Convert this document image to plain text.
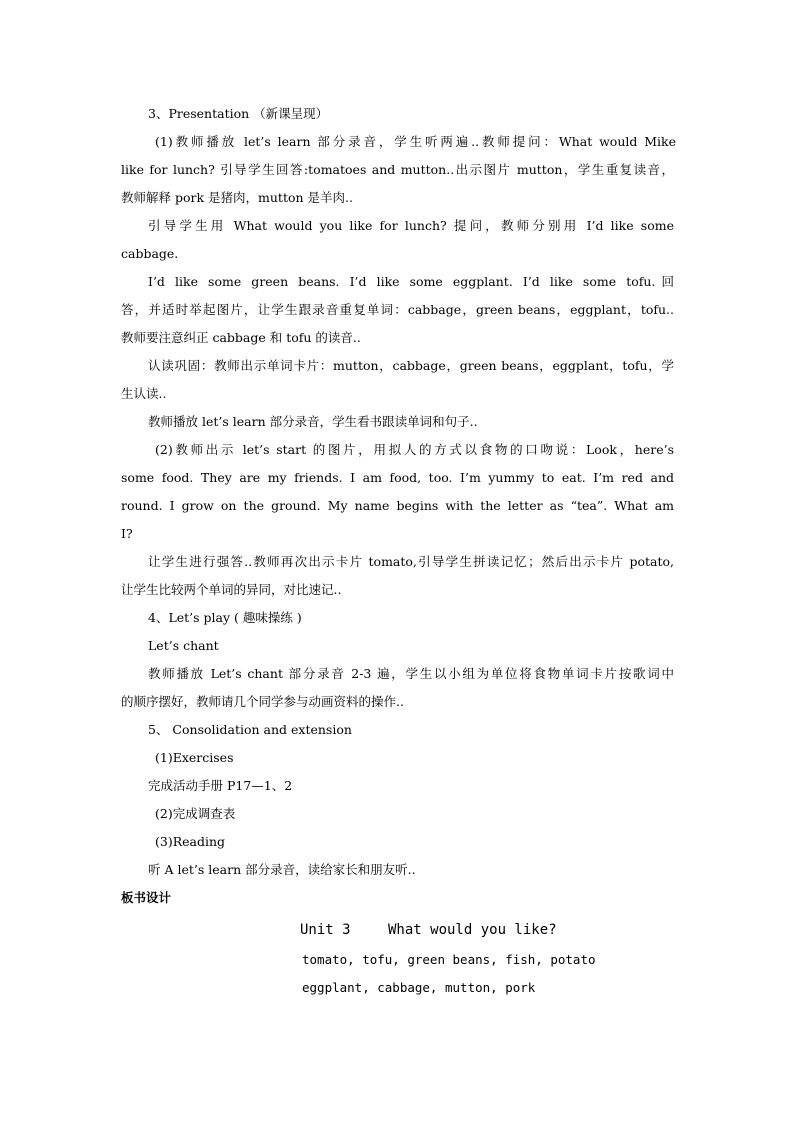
3、Presentation （新课呈现）
(1)教师播放 let’s learn 部分录音，学生听两遍..教师提问：What would Mike
like for lunch? 引导学生回答:tomatoes and mutton..出示图片 mutton，学生重复读音，
教师解释 pork 是猪肉，mutton 是羊肉..
引导学生用 What would you like for lunch? 提问，教师分别用 I’d like some
cabbage.
I’d like some green beans. I’d like some eggplant. I’d like some tofu.回
答，并适时举起图片，让学生跟录音重复单词：cabbage，green beans，eggplant，tofu..
教师要注意纠正 cabbage 和 tofu 的读音..
认读巩固：教师出示单词卡片：mutton，cabbage，green beans，eggplant，tofu，学
生认读..
教师播放 let’s learn 部分录音，学生看书跟读单词和句子..
(2)教师出示 let’s start 的图片，用拟人的方式以食物的口吻说：Look，here’s
some food. They are my friends. I am food, too. I’m yummy to eat. I’m red and
round. I grow on the ground. My name begins with the letter as “tea”. What am
I?
让学生进行强答..教师再次出示卡片 tomato,引导学生拼读记忆；然后出示卡片 potato,
让学生比较两个单词的异同，对比速记..
4、Let’s play ( 趣味操练 )
Let’s chant
教师播放 Let’s chant 部分录音 2-3 遍，学生以小组为单位将食物单词卡片按歌词中
的顺序摆好，教师请几个同学参与动画资料的操作..
5、 Consolidation and extension
(1)Exercises
完成活动手册 P17—1、2
(2)完成调查表
(3)Reading
听 A let’s learn 部分录音，读给家长和朋友听..
板书设计
Unit 3	What would you like?
tomato, tofu, green beans, fish, potato
eggplant, cabbage, mutton, pork
